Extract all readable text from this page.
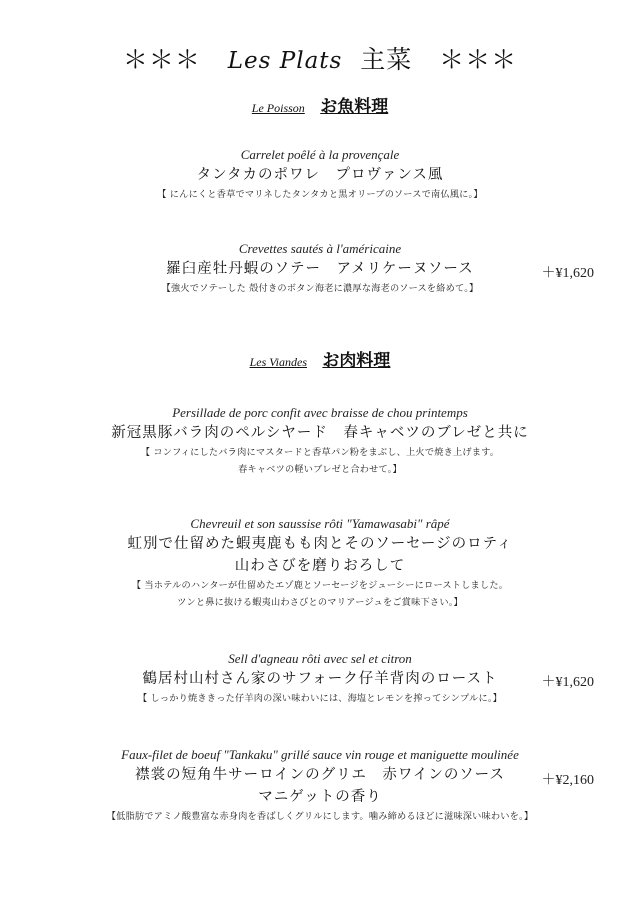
＊＊＊ Les Plats 主菜 ＊＊＊
Le Poisson お魚料理
Carrelet poêlé à la provençale
タンタカのポワレ　プロヴァンス風
【 にんにくと香草でマリネしたタンタカと黒オリーブのソースで南仏風に。】
Crevettes sautés à l'américaine
羅臼産牡丹蝦のソテー　アメリケーヌソース
【強火でソテーした 殻付きのボタン海老に濃厚な海老のソースを絡めて。】
＋¥1,620
Les Viandes お肉料理
Persillade de porc confit avec braisse de chou printemps
新冠黒豚バラ肉のペルシヤード　春キャベツのブレゼと共に
【 コンフィにしたバラ肉にマスタードと香草パン粉をまぶし、上火で焼き上げます。
春キャベツの軽いブレゼと合わせて。】
Chevreuil et son saussise rôti "Yamawasabi" râpé
虹別で仕留めた蝦夷鹿もも肉とそのソーセージのロティ
山わさびを磨りおろして
【 当ホテルのハンターが仕留めたエゾ鹿とソーセージをジューシーにローストしました。
ツンと鼻に抜ける蝦夷山わさびとのマリアージュをご賞味下さい。】
Sell d'agneau rôti avec sel et citron
鶴居村山村さん家のサフォーク仔羊背肉のロースト
【 しっかり焼ききった仔羊肉の深い味わいには、海塩とレモンを搾ってシンプルに。】
＋¥1,620
Faux-filet de boeuf "Tankaku" grillé sauce vin rouge et maniguette moulinée
襟裳の短角牛サーロインのグリエ　赤ワインのソース
マニゲットの香り
【低脂肪でアミノ酸豊富な赤身肉を香ばしくグリルにします。噛み締めるほどに滋味深い味わいを。】
＋¥2,160
